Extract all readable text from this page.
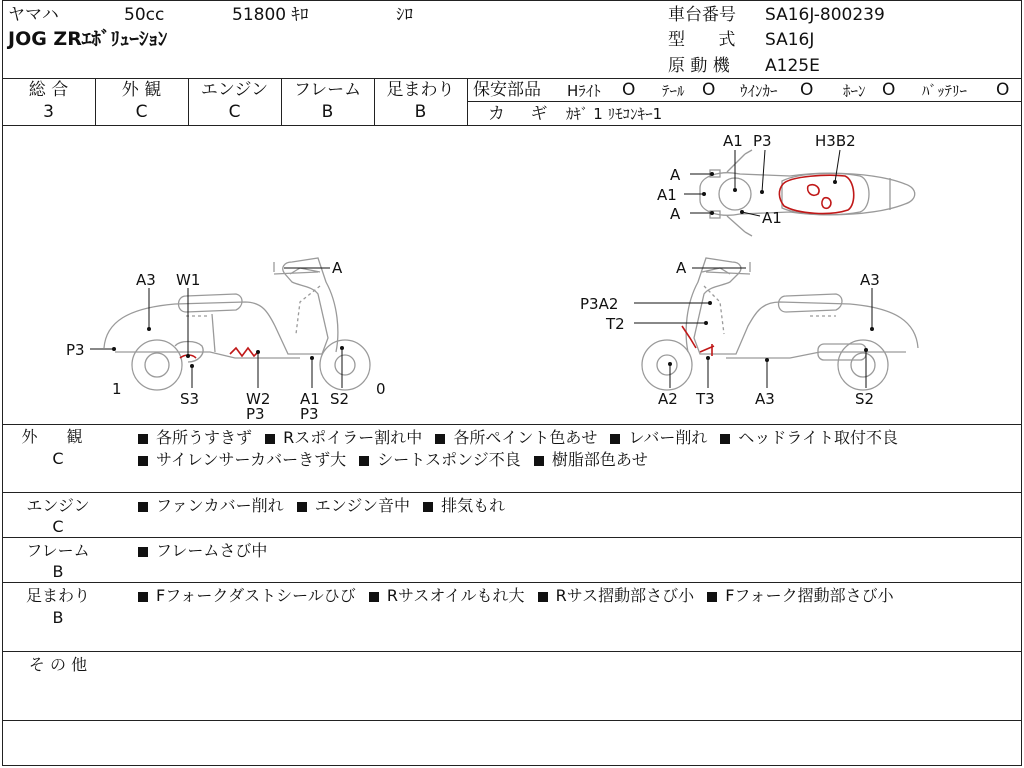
ヤマハ	50cc	51800 ｷﾛ	ｼﾛ
JOG ZRｴﾎﾞﾘｭｰｼｮﾝ
車台番号 SA16J-800239
型 式 SA16J
原 動 機 A125E
総 合
3
外 観
C
エンジン
C
フレーム
B
足まわり
B
保安部品 Hﾗｲﾄ O ﾃｰﾙ O ｳｲﾝｶｰ O ﾎｰﾝ O ﾊﾞｯﾃﾘｰ O
カ ギ ｶｷﾞ 1 ﾘﾓｺﾝｷｰ1
A1 P3	H3B2
A
A1
A	A1
A3 W1
A
P3
1
S3	W2
P3
A1
P3
S2
0
A
A3
P3A2
T2
A2 T3	A3	S2
外 観
C
各所うすきず Rスポイラー割れ中 各所ペイント色あせ レバー削れ ヘッドライト取付不良
サイレンサーカバーきず大 シートスポンジ不良 樹脂部色あせ
エンジン
C
ファンカバー削れ エンジン音中 排気もれ
フレーム
B
フレームさび中
足まわり
B
Fフォークダストシールひび Rサスオイルもれ大 Rサス摺動部さび小 Fフォーク摺動部さび小
そ の 他
